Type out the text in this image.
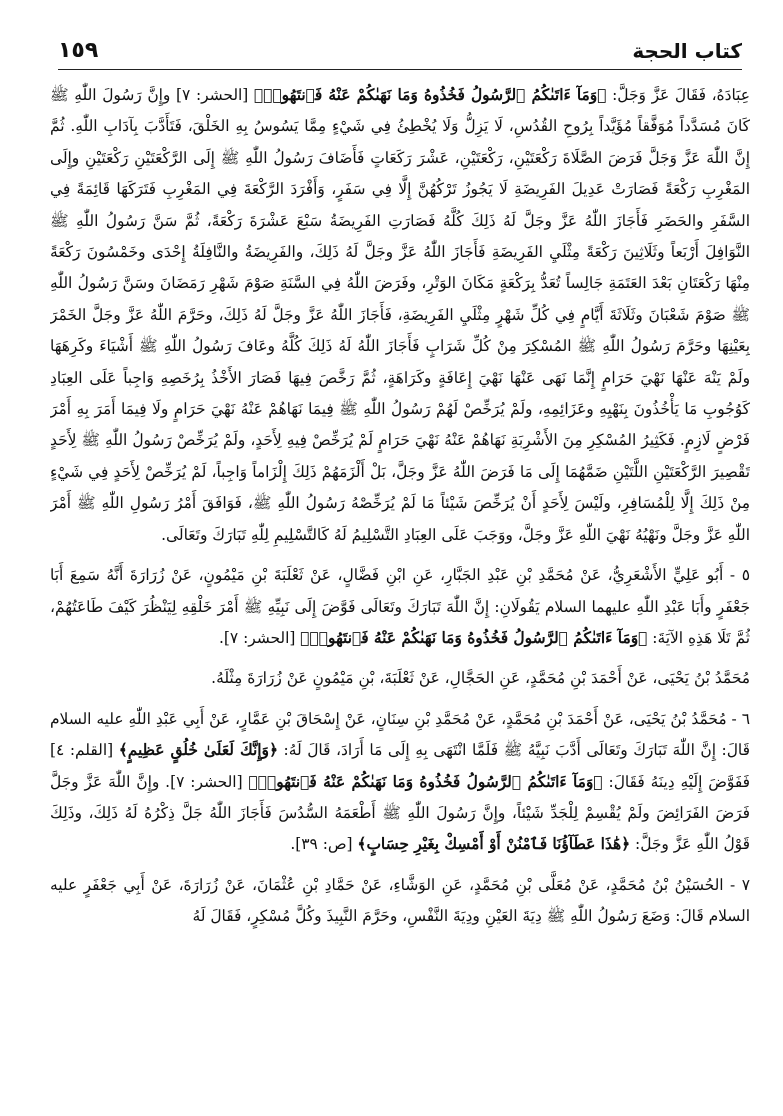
كتاب الحجة
١٥٩

عِبَادَهُ، فَقَالَ عَزَّ وَجَلَّ: ﴿وَمَآ ءَاتَىٰكُمُ ٱلرَّسُولُ فَخُذُوهُ وَمَا نَهَىٰكُمْ عَنْهُ فَٱنتَهُوا۟﴾ [الحشر: ٧] وإِنَّ رَسُولَ اللّٰهِ ﷺ كَانَ مُسَدَّداً مُوَفَّقاً مُؤَيَّداً بِرُوحِ القُدُسِ، لَا يَزِلُّ وَلَا يُخْطِئُ فِي شَيْءٍ مِمَّا يَسُوسُ بِهِ الخَلْقَ، فَتَأَدَّبَ بِآدَابِ اللّٰهِ. ثُمَّ إِنَّ اللّٰهَ عَزَّ وَجَلَّ فَرَضَ الصَّلَاةَ رَكْعَتَيْنِ، رَكْعَتَيْنِ، عَشْرَ رَكَعَاتٍ فَأَضَافَ رَسُولُ اللّٰهِ ﷺ إِلَى الرَّكْعَتَيْنِ رَكْعَتَيْنِ وإِلَى المَغْرِبِ رَكْعَةً فَصَارَتْ عَدِيلَ الفَرِيضَةِ لَا يَجُوزُ تَرْكُهُنَّ إِلَّا فِي سَفَرٍ، وَأَفْرَدَ الرَّكْعَةَ فِي المَغْرِبِ فَتَرَكَهَا قَائِمَةً فِي السَّفَرِ والحَضَرِ فَأَجَازَ اللّٰهُ عَزَّ وجَلَّ لَهُ ذَلِكَ كُلَّهُ فَصَارَتِ الفَرِيضَةُ سَبْعَ عَشْرَةَ رَكْعَةً، ثُمَّ سَنَّ رَسُولُ اللّٰهِ ﷺ النَّوَافِلَ أَرْبَعاً وثَلَاثِينَ رَكْعَةً مِثْلَيِ الفَرِيضَةِ فَأَجَازَ اللّٰهُ عَزَّ وجَلَّ لَهُ ذَلِكَ، والفَرِيضَةُ والنَّافِلَةُ إِحْدَى وخَمْسُونَ رَكْعَةً مِنْهَا رَكْعَتَانِ بَعْدَ العَتَمَةِ جَالِساً تُعَدُّ بِرَكْعَةٍ مَكَانَ الوَتْرِ، وفَرَضَ اللّٰهُ فِي السَّنَةِ صَوْمَ شَهْرِ رَمَضَانَ وسَنَّ رَسُولُ اللّٰهِ ﷺ صَوْمَ شَعْبَانَ وثَلَاثَةَ أَيَّامٍ فِي كُلِّ شَهْرٍ مِثْلَيِ الفَرِيضَةِ، فَأَجَازَ اللّٰهُ عَزَّ وجَلَّ لَهُ ذَلِكَ، وحَرَّمَ اللّٰهُ عَزَّ وجَلَّ الخَمْرَ بِعَيْنِهَا وحَرَّمَ رَسُولُ اللّٰهِ ﷺ المُسْكِرَ مِنْ كُلِّ شَرَابٍ فَأَجَازَ اللّٰهُ لَهُ ذَلِكَ كُلَّهُ وعَافَ رَسُولُ اللّٰهِ ﷺ أَشْيَاءَ وكَرِهَهَا ولَمْ يَنْهَ عَنْهَا نَهْيَ حَرَامٍ إِنَّمَا نَهَى عَنْهَا نَهْيَ إِعَافَةٍ وكَرَاهَةٍ، ثُمَّ رَخَّصَ فِيهَا فَصَارَ الأَخْذُ بِرُخَصِهِ وَاجِباً عَلَى العِبَادِ كَوُجُوبِ مَا يَأْخُذُونَ بِنَهْيِهِ وعَزَائِمِهِ، ولَمْ يُرَخِّصْ لَهُمْ رَسُولُ اللّٰهِ ﷺ فِيمَا نَهَاهُمْ عَنْهُ نَهْيَ حَرَامٍ ولَا فِيمَا أَمَرَ بِهِ أَمْرَ فَرْضٍ لَازِمٍ. فَكَثِيرُ المُسْكِرِ مِنَ الأَشْرِبَةِ نَهَاهُمْ عَنْهُ نَهْيَ حَرَامٍ لَمْ يُرَخِّصْ فِيهِ لِأَحَدٍ، ولَمْ يُرَخِّصْ رَسُولُ اللّٰهِ ﷺ لِأَحَدٍ تَقْصِيرَ الرَّكْعَتَيْنِ اللَّتَيْنِ ضَمَّهُمَا إِلَى مَا فَرَضَ اللّٰهُ عَزَّ وجَلَّ، بَلْ أَلْزَمَهُمْ ذَلِكَ إِلْزَاماً وَاجِباً، لَمْ يُرَخِّصْ لِأَحَدٍ فِي شَيْءٍ مِنْ ذَلِكَ إِلَّا لِلْمُسَافِرِ، ولَيْسَ لِأَحَدٍ أَنْ يُرَخِّصَ شَيْئاً مَا لَمْ يُرَخِّصْهُ رَسُولُ اللّٰهِ ﷺ، فَوَافَقَ أَمْرُ رَسُولِ اللّٰهِ ﷺ أَمْرَ اللّٰهِ عَزَّ وجَلَّ ونَهْيُهُ نَهْيَ اللّٰهِ عَزَّ وجَلَّ، ووَجَبَ عَلَى العِبَادِ التَّسْلِيمُ لَهُ كَالتَّسْلِيمِ لِلّٰهِ تَبَارَكَ وتَعَالَى.

٥ - أَبُو عَلِيٍّ الأَشْعَرِيُّ، عَنْ مُحَمَّدِ بْنِ عَبْدِ الجَبَّارِ، عَنِ ابْنِ فَضَّالٍ، عَنْ ثَعْلَبَةَ بْنِ مَيْمُونٍ، عَنْ زُرَارَةَ أَنَّهُ سَمِعَ أَبَا جَعْفَرٍ وأَبَا عَبْدِ اللّٰهِ عليهما السلام يَقُولَانِ: إِنَّ اللّٰهَ تَبَارَكَ وتَعَالَى فَوَّضَ إِلَى نَبِيِّهِ ﷺ أَمْرَ خَلْقِهِ لِيَنْظُرَ كَيْفَ طَاعَتُهُمْ، ثُمَّ تَلَا هَذِهِ الآيَةَ: ﴿وَمَآ ءَاتَىٰكُمُ ٱلرَّسُولُ فَخُذُوهُ وَمَا نَهَىٰكُمْ عَنْهُ فَٱنتَهُوا۟﴾ [الحشر: ٧].

مُحَمَّدُ بْنُ يَحْيَى، عَنْ أَحْمَدَ بْنِ مُحَمَّدٍ، عَنِ الحَجَّالِ، عَنْ ثَعْلَبَةَ، بْنِ مَيْمُونٍ عَنْ زُرَارَةَ مِثْلَهُ.

٦ - مُحَمَّدُ بْنُ يَحْيَى، عَنْ أَحْمَدَ بْنِ مُحَمَّدٍ، عَنْ مُحَمَّدِ بْنِ سِنَانٍ، عَنْ إِسْحَاقَ بْنِ عَمَّارٍ، عَنْ أَبِي عَبْدِ اللّٰهِ عليه السلام قَالَ: إِنَّ اللّٰهَ تَبَارَكَ وتَعَالَى أَدَّبَ نَبِيَّهُ ﷺ فَلَمَّا انْتَهَى بِهِ إِلَى مَا أَرَادَ، قَالَ لَهُ: ﴿وَإِنَّكَ لَعَلَىٰ خُلُقٍ عَظِيمٍ﴾ [القلم: ٤] فَفَوَّضَ إِلَيْهِ دِينَهُ فَقَالَ: ﴿وَمَآ ءَاتَىٰكُمُ ٱلرَّسُولُ فَخُذُوهُ وَمَا نَهَىٰكُمْ عَنْهُ فَٱنتَهُوا۟﴾ [الحشر: ٧]. وإِنَّ اللّٰهَ عَزَّ وجَلَّ فَرَضَ الفَرَائِضَ ولَمْ يُقْسِمْ لِلْجَدِّ شَيْئاً، وإِنَّ رَسُولَ اللّٰهِ ﷺ أَطْعَمَهُ السُّدُسَ فَأَجَازَ اللّٰهُ جَلَّ ذِكْرُهُ لَهُ ذَلِكَ، وذَلِكَ قَوْلُ اللّٰهِ عَزَّ وجَلَّ: ﴿هَٰذَا عَطَآؤُنَا فَٱمْنُنْ أَوْ أَمْسِكْ بِغَيْرِ حِسَابٍ﴾ [ص: ٣٩].

٧ - الحُسَيْنُ بْنُ مُحَمَّدٍ، عَنْ مُعَلَّى بْنِ مُحَمَّدٍ، عَنِ الوَشَّاءِ، عَنْ حَمَّادِ بْنِ عُثْمَانَ، عَنْ زُرَارَةَ، عَنْ أَبِي جَعْفَرٍ عليه السلام قَالَ: وَضَعَ رَسُولُ اللّٰهِ ﷺ دِيَةَ العَيْنِ ودِيَةَ النَّفْسِ، وحَرَّمَ النَّبِيذَ وكُلَّ مُسْكِرٍ، فَقَالَ لَهُ
